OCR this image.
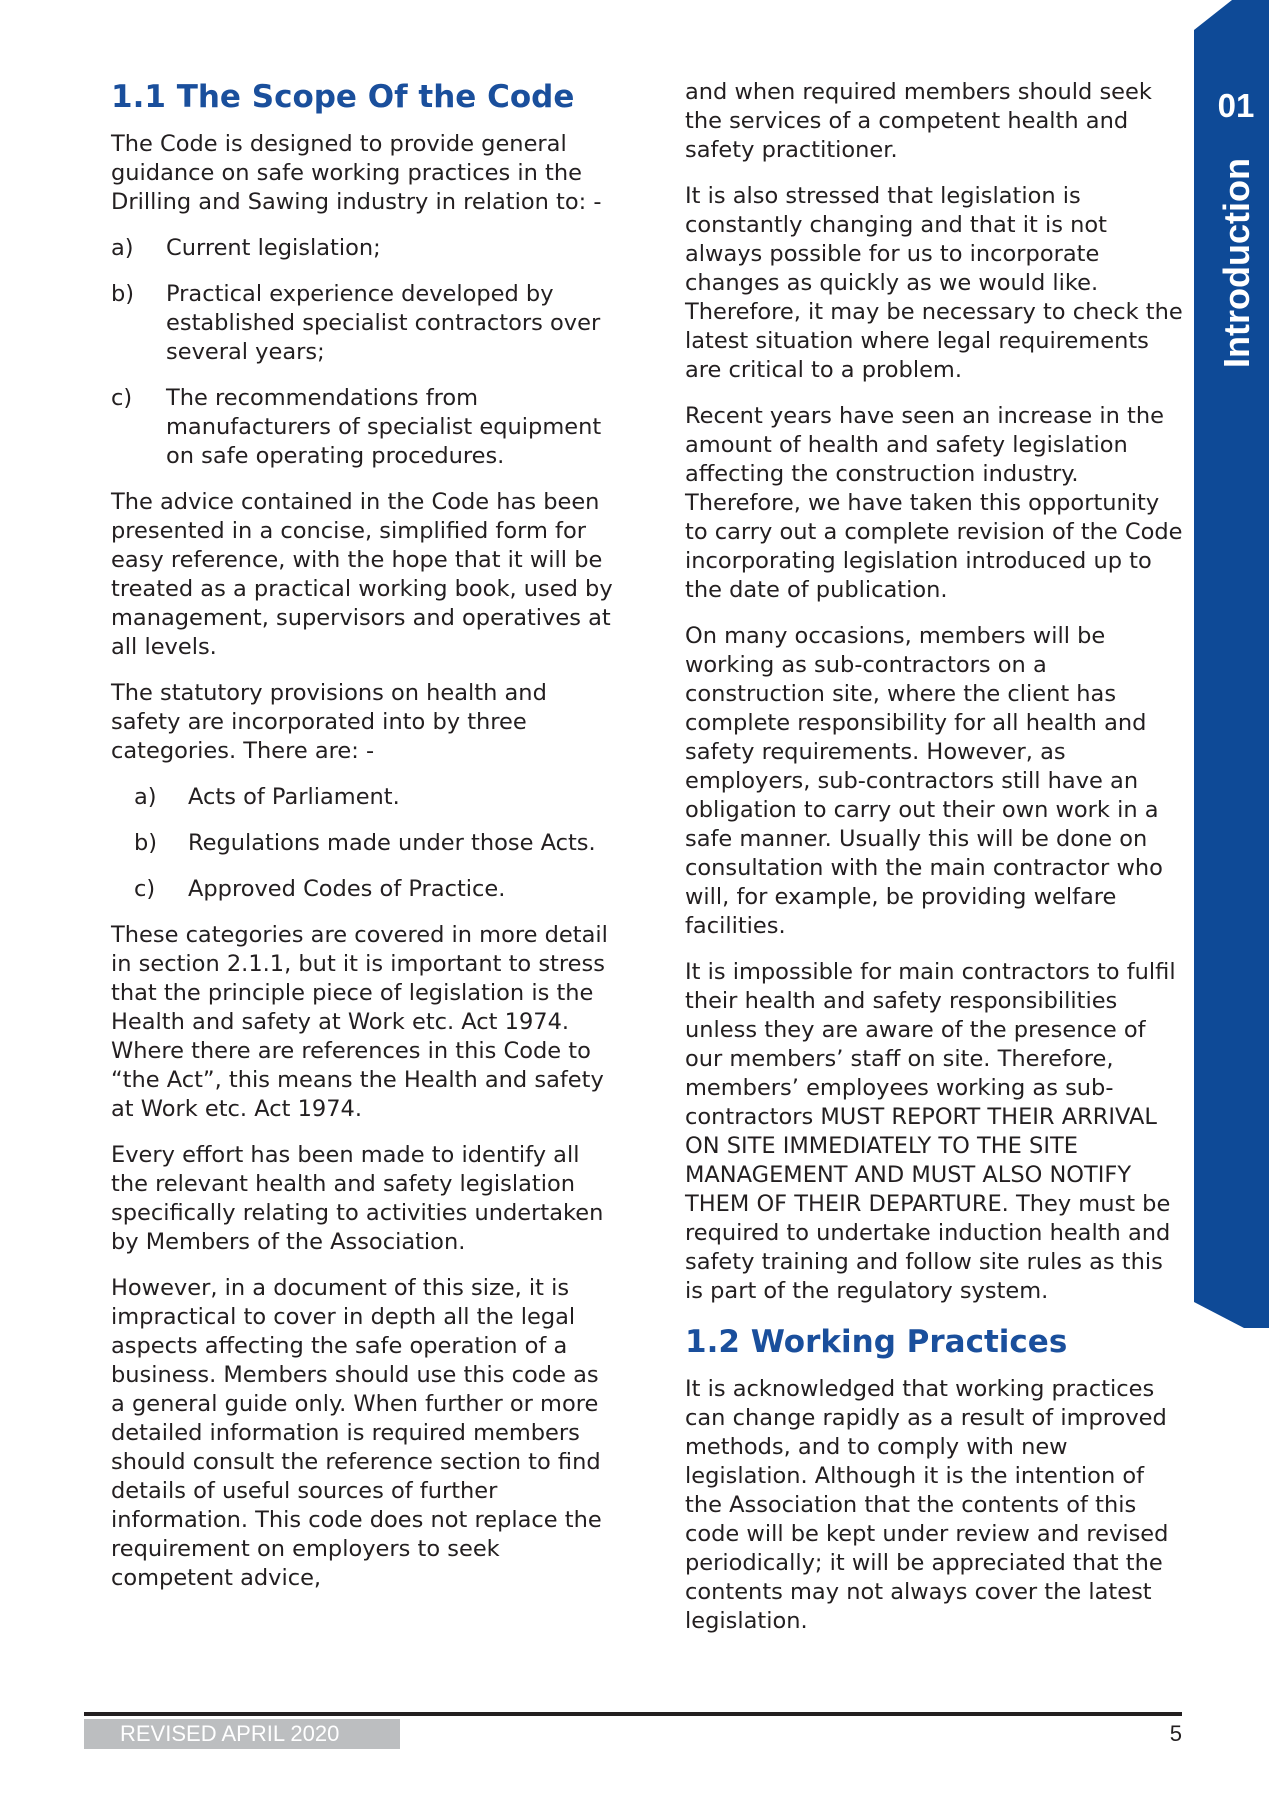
01
Introduction
1.1 The Scope Of the Code

The Code is designed to provide general guidance on safe working practices in the Drilling and Sawing industry in relation to: -

a) Current legislation;
b) Practical experience developed by established specialist contractors over several years;
c) The recommendations from manufacturers of specialist equipment on safe operating procedures.

The advice contained in the Code has been presented in a concise, simplified form for easy reference, with the hope that it will be treated as a practical working book, used by management, supervisors and operatives at all levels.

The statutory provisions on health and safety are incorporated into by three categories. There are: -

a) Acts of Parliament.
b) Regulations made under those Acts.
c) Approved Codes of Practice.

These categories are covered in more detail in section 2.1.1, but it is important to stress that the principle piece of legislation is the Health and safety at Work etc. Act 1974. Where there are references in this Code to “the Act”, this means the Health and safety at Work etc. Act 1974.

Every effort has been made to identify all the relevant health and safety legislation specifically relating to activities undertaken by Members of the Association.

However, in a document of this size, it is impractical to cover in depth all the legal aspects affecting the safe operation of a business. Members should use this code as a general guide only. When further or more detailed information is required members should consult the reference section to find details of useful sources of further information. This code does not replace the requirement on employers to seek competent advice,

and when required members should seek the services of a competent health and safety practitioner.

It is also stressed that legislation is constantly changing and that it is not always possible for us to incorporate changes as quickly as we would like. Therefore, it may be necessary to check the latest situation where legal requirements are critical to a problem.

Recent years have seen an increase in the amount of health and safety legislation affecting the construction industry. Therefore, we have taken this opportunity to carry out a complete revision of the Code incorporating legislation introduced up to the date of publication.

On many occasions, members will be working as sub-contractors on a construction site, where the client has complete responsibility for all health and safety requirements. However, as employers, sub-contractors still have an obligation to carry out their own work in a safe manner. Usually this will be done on consultation with the main contractor who will, for example, be providing welfare facilities.

It is impossible for main contractors to fulfil their health and safety responsibilities unless they are aware of the presence of our members’ staff on site. Therefore, members’ employees working as sub-contractors MUST REPORT THEIR ARRIVAL ON SITE IMMEDIATELY TO THE SITE MANAGEMENT AND MUST ALSO NOTIFY THEM OF THEIR DEPARTURE. They must be required to undertake induction health and safety training and follow site rules as this is part of the regulatory system.

1.2 Working Practices

It is acknowledged that working practices can change rapidly as a result of improved methods, and to comply with new legislation. Although it is the intention of the Association that the contents of this code will be kept under review and revised periodically; it will be appreciated that the contents may not always cover the latest legislation.

REVISED APRIL 2020	5
